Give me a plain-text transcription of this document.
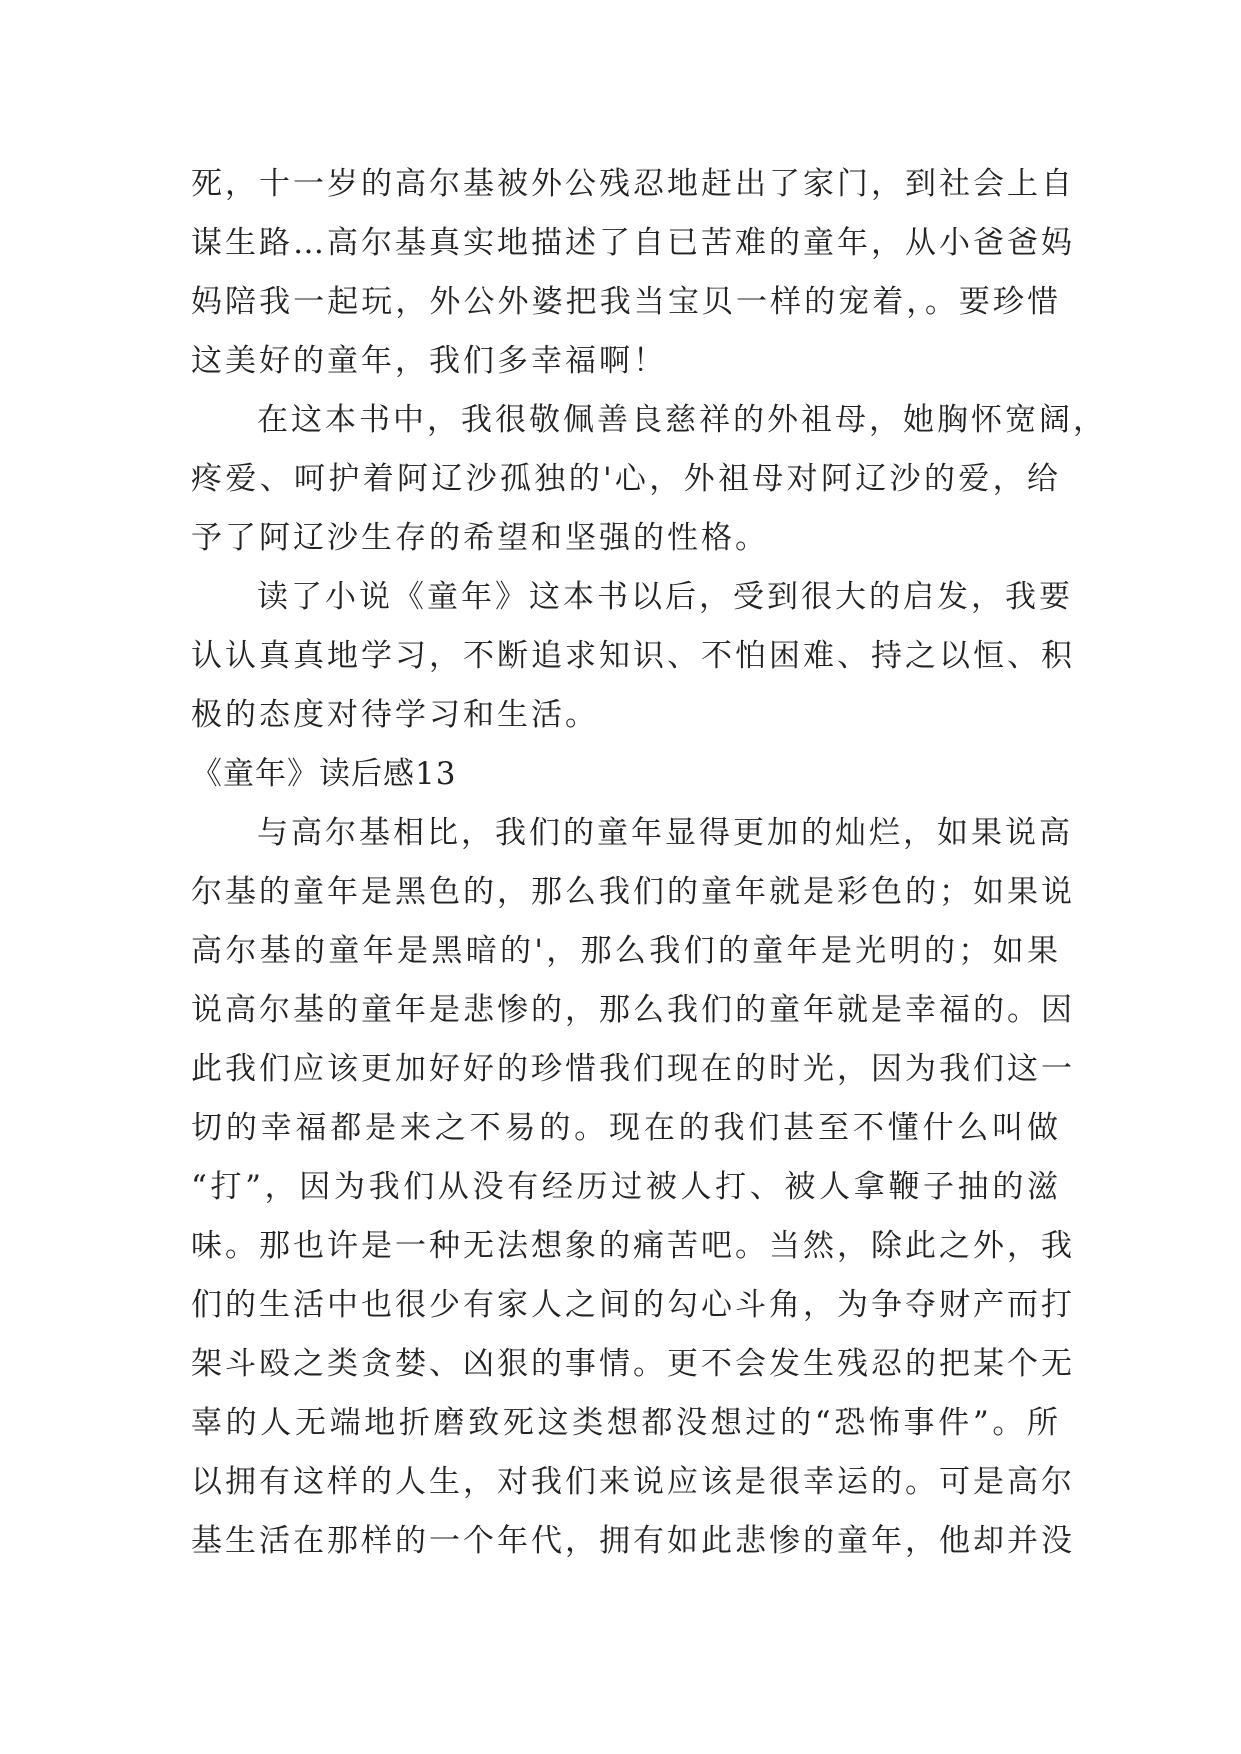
死，十一岁的高尔基被外公残忍地赶出了家门，到社会上自
谋生路…高尔基真实地描述了自已苦难的童年，从小爸爸妈
妈陪我一起玩，外公外婆把我当宝贝一样的宠着，。要珍惜
这美好的童年，我们多幸福啊！
在这本书中，我很敬佩善良慈祥的外祖母，她胸怀宽阔，
疼爱、呵护着阿辽沙孤独的'心，外祖母对阿辽沙的爱，给
予了阿辽沙生存的希望和坚强的性格。
读了小说《童年》这本书以后，受到很大的启发，我要
认认真真地学习，不断追求知识、不怕困难、持之以恒、积
极的态度对待学习和生活。
《童年》读后感13
与高尔基相比，我们的童年显得更加的灿烂，如果说高
尔基的童年是黑色的，那么我们的童年就是彩色的；如果说
高尔基的童年是黑暗的'，那么我们的童年是光明的；如果
说高尔基的童年是悲惨的，那么我们的童年就是幸福的。因
此我们应该更加好好的珍惜我们现在的时光，因为我们这一
切的幸福都是来之不易的。现在的我们甚至不懂什么叫做
“打”，因为我们从没有经历过被人打、被人拿鞭子抽的滋
味。那也许是一种无法想象的痛苦吧。当然，除此之外，我
们的生活中也很少有家人之间的勾心斗角，为争夺财产而打
架斗殴之类贪婪、凶狠的事情。更不会发生残忍的把某个无
辜的人无端地折磨致死这类想都没想过的“恐怖事件”。所
以拥有这样的人生，对我们来说应该是很幸运的。可是高尔
基生活在那样的一个年代，拥有如此悲惨的童年，他却并没
